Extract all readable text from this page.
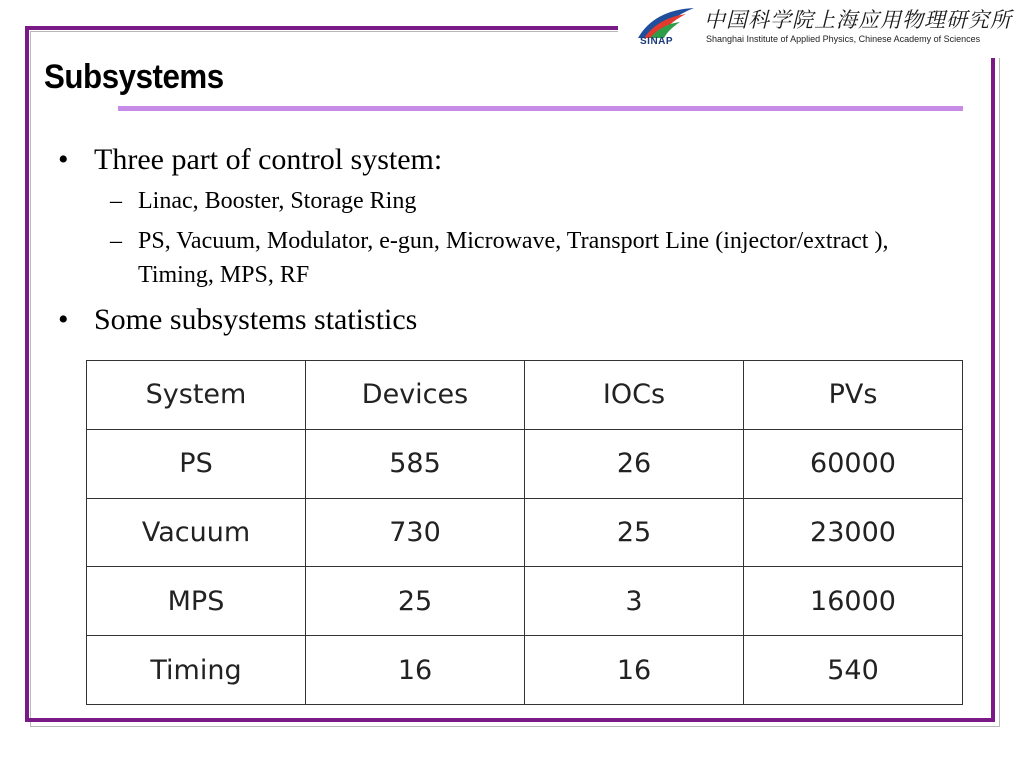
SINAP
中国科学院上海应用物理研究所
Shanghai Institute of Applied Physics, Chinese Academy of Sciences
Subsystems
• Three part of control system:
– Linac, Booster, Storage Ring
– PS, Vacuum, Modulator, e-gun, Microwave, Transport Line (injector/extract ), Timing, MPS, RF
• Some subsystems statistics
System	Devices	IOCs	PVs
PS	585	26	60000
Vacuum	730	25	23000
MPS	25	3	16000
Timing	16	16	540
